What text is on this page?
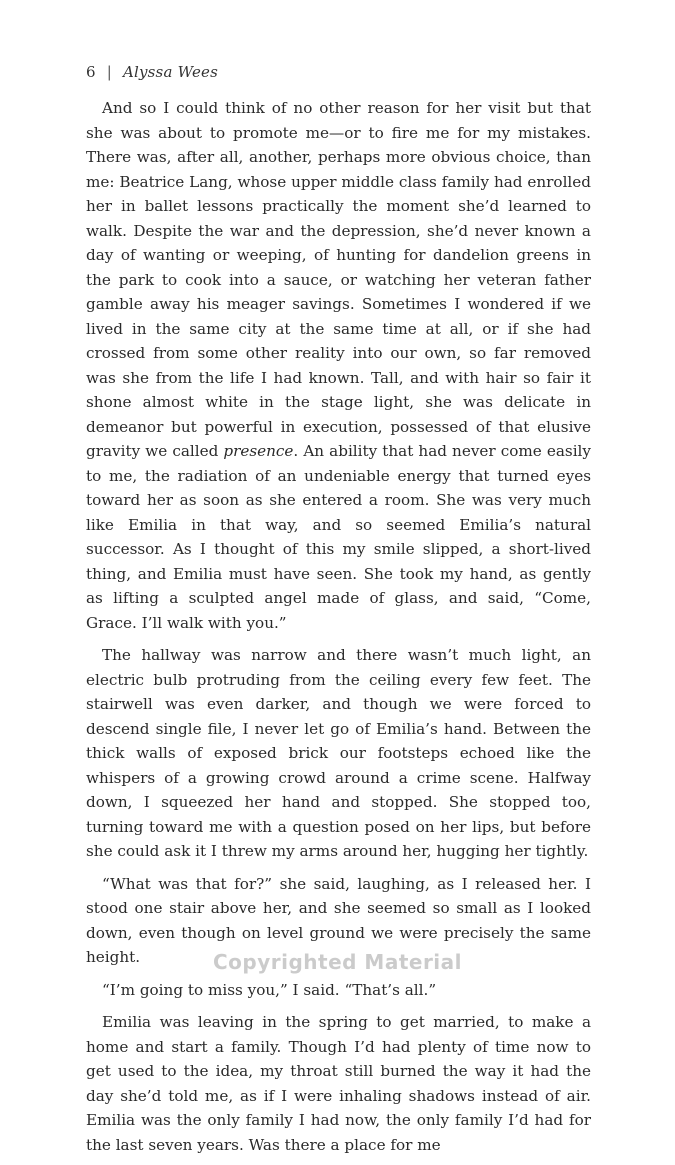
6 | Alyssa Wees

And so I could think of no other reason for her visit but that she was about to promote me—or to fire me for my mistakes. There was, after all, another, perhaps more obvious choice, than me: Beatrice Lang, whose upper middle class family had enrolled her in ballet lessons practically the moment she’d learned to walk. Despite the war and the depression, she’d never known a day of wanting or weeping, of hunting for dandelion greens in the park to cook into a sauce, or watching her veteran father gamble away his meager savings. Sometimes I wondered if we lived in the same city at the same time at all, or if she had crossed from some other reality into our own, so far removed was she from the life I had known. Tall, and with hair so fair it shone almost white in the stage light, she was delicate in demeanor but powerful in execution, possessed of that elusive gravity we called presence. An ability that had never come easily to me, the radiation of an undeniable energy that turned eyes toward her as soon as she entered a room. She was very much like Emilia in that way, and so seemed Emilia’s natural successor. As I thought of this my smile slipped, a short-lived thing, and Emilia must have seen. She took my hand, as gently as lifting a sculpted angel made of glass, and said, “Come, Grace. I’ll walk with you.”

The hallway was narrow and there wasn’t much light, an electric bulb protruding from the ceiling every few feet. The stairwell was even darker, and though we were forced to descend single file, I never let go of Emilia’s hand. Between the thick walls of exposed brick our footsteps echoed like the whispers of a growing crowd around a crime scene. Halfway down, I squeezed her hand and stopped. She stopped too, turning toward me with a question posed on her lips, but before she could ask it I threw my arms around her, hugging her tightly.

“What was that for?” she said, laughing, as I released her. I stood one stair above her, and she seemed so small as I looked down, even though on level ground we were precisely the same height.

“I’m going to miss you,” I said. “That’s all.”

Emilia was leaving in the spring to get married, to make a home and start a family. Though I’d had plenty of time now to get used to the idea, my throat still burned the way it had the day she’d told me, as if I were inhaling shadows instead of air. Emilia was the only family I had now, the only family I’d had for the last seven years. Was there a place for me

Copyrighted Material
